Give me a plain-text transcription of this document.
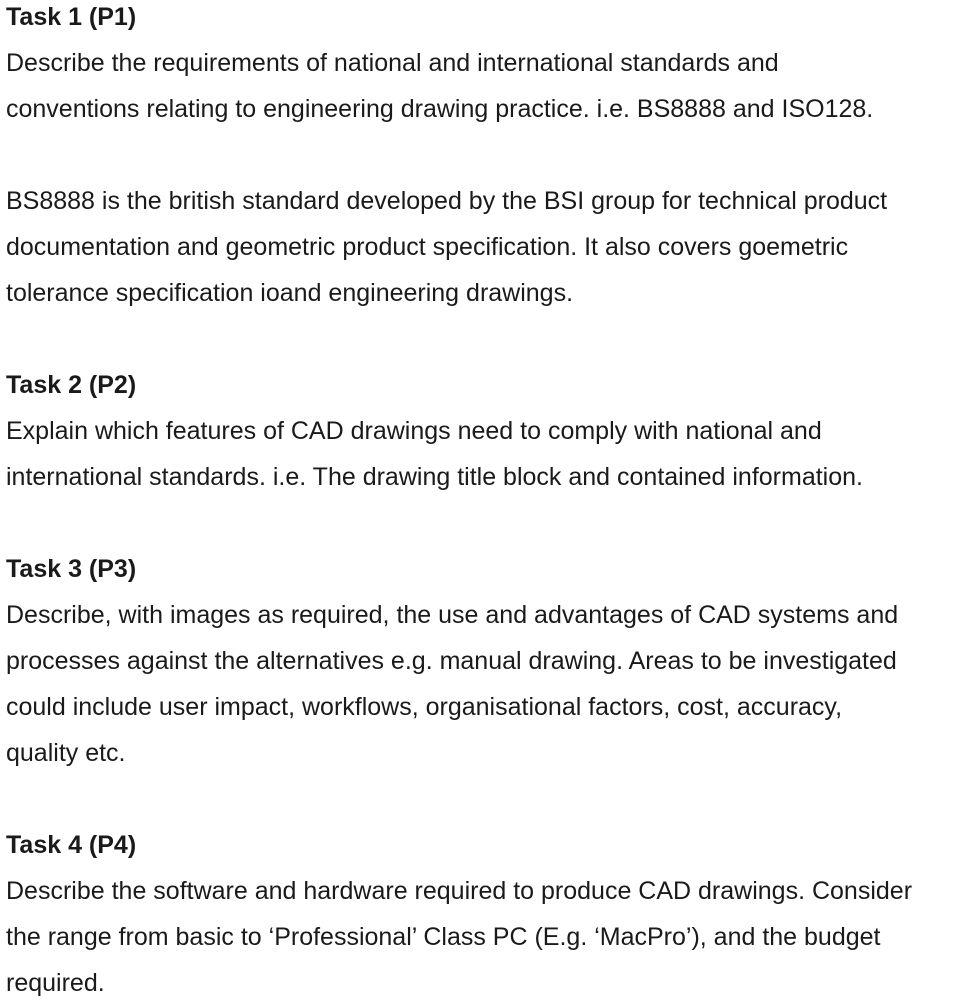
Task 1 (P1)
Describe the requirements of national and international standards and
conventions relating to engineering drawing practice. i.e. BS8888 and ISO128.
BS8888 is the british standard developed by the BSI group for technical product
documentation and geometric product specification. It also covers goemetric
tolerance specification ioand engineering drawings.
Task 2 (P2)
Explain which features of CAD drawings need to comply with national and
international standards. i.e. The drawing title block and contained information.
Task 3 (P3)
Describe, with images as required, the use and advantages of CAD systems and
processes against the alternatives e.g. manual drawing. Areas to be investigated
could include user impact, workflows, organisational factors, cost, accuracy,
quality etc.
Task 4 (P4)
Describe the software and hardware required to produce CAD drawings. Consider
the range from basic to ‘Professional’ Class PC (E.g. ‘MacPro’), and the budget
required.
